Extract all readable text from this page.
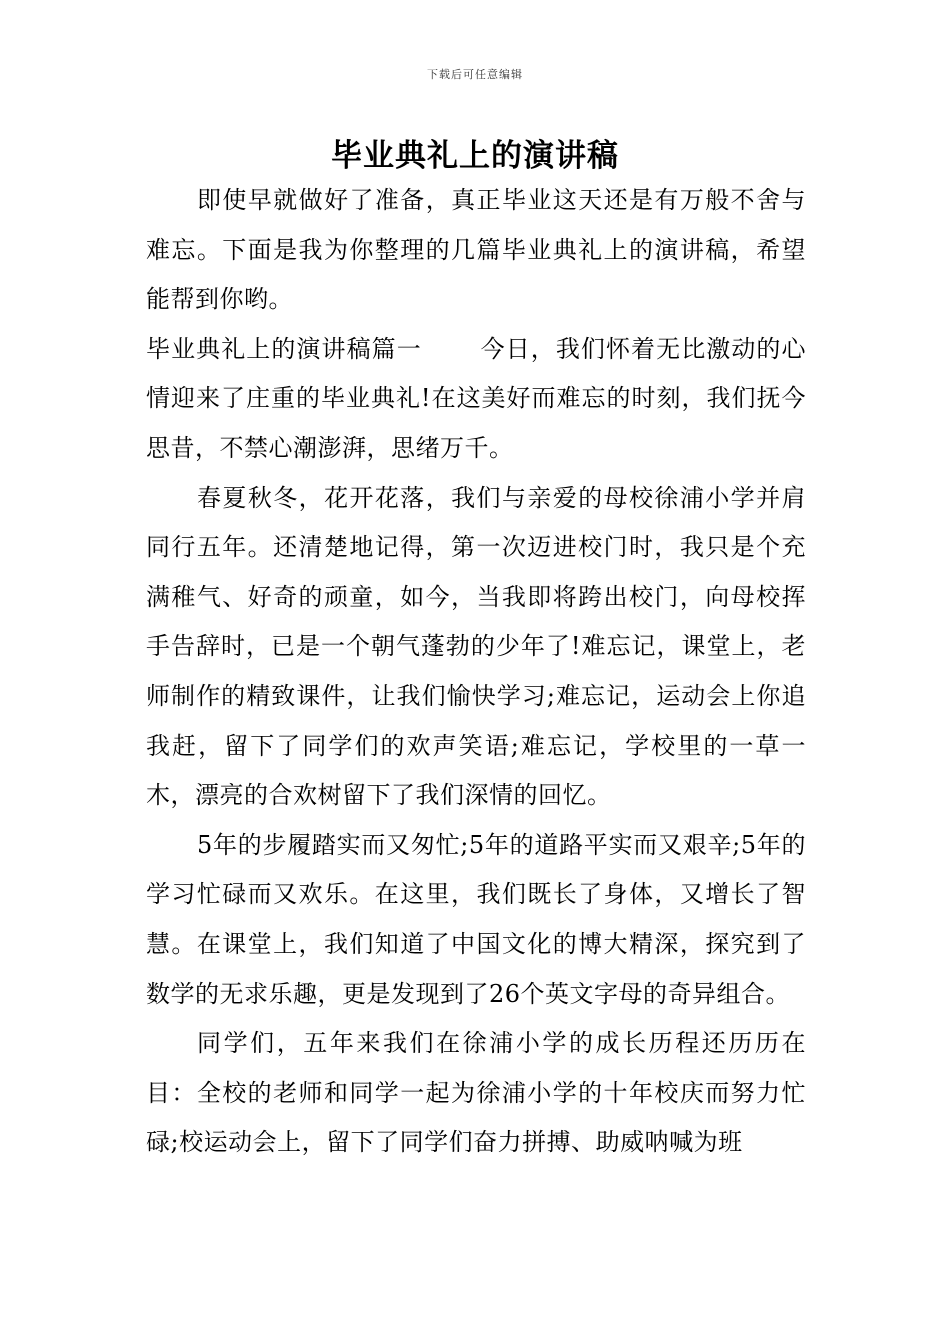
下载后可任意编辑
毕业典礼上的演讲稿

即使早就做好了准备，真正毕业这天还是有万般不舍与难忘。下面是我为你整理的几篇毕业典礼上的演讲稿，希望能帮到你哟。

毕业典礼上的演讲稿篇一　　 今日，我们怀着无比激动的心情迎来了庄重的毕业典礼!在这美好而难忘的时刻，我们抚今思昔，不禁心潮澎湃，思绪万千。

春夏秋冬，花开花落，我们与亲爱的母校徐浦小学并肩同行五年。还清楚地记得，第一次迈进校门时，我只是个充满稚气、好奇的顽童，如今，当我即将跨出校门，向母校挥手告辞时，已是一个朝气蓬勃的少年了!难忘记，课堂上，老师制作的精致课件，让我们愉快学习;难忘记，运动会上你追我赶，留下了同学们的欢声笑语;难忘记，学校里的一草一木，漂亮的合欢树留下了我们深情的回忆。

5年的步履踏实而又匆忙;5年的道路平实而又艰辛;5年的学习忙碌而又欢乐。在这里，我们既长了身体，又增长了智慧。在课堂上，我们知道了中国文化的博大精深，探究到了数学的无求乐趣，更是发现到了26个英文字母的奇异组合。

同学们，五年来我们在徐浦小学的成长历程还历历在目：全校的老师和同学一起为徐浦小学的十年校庆而努力忙碌;校运动会上，留下了同学们奋力拼搏、助威呐喊为班
